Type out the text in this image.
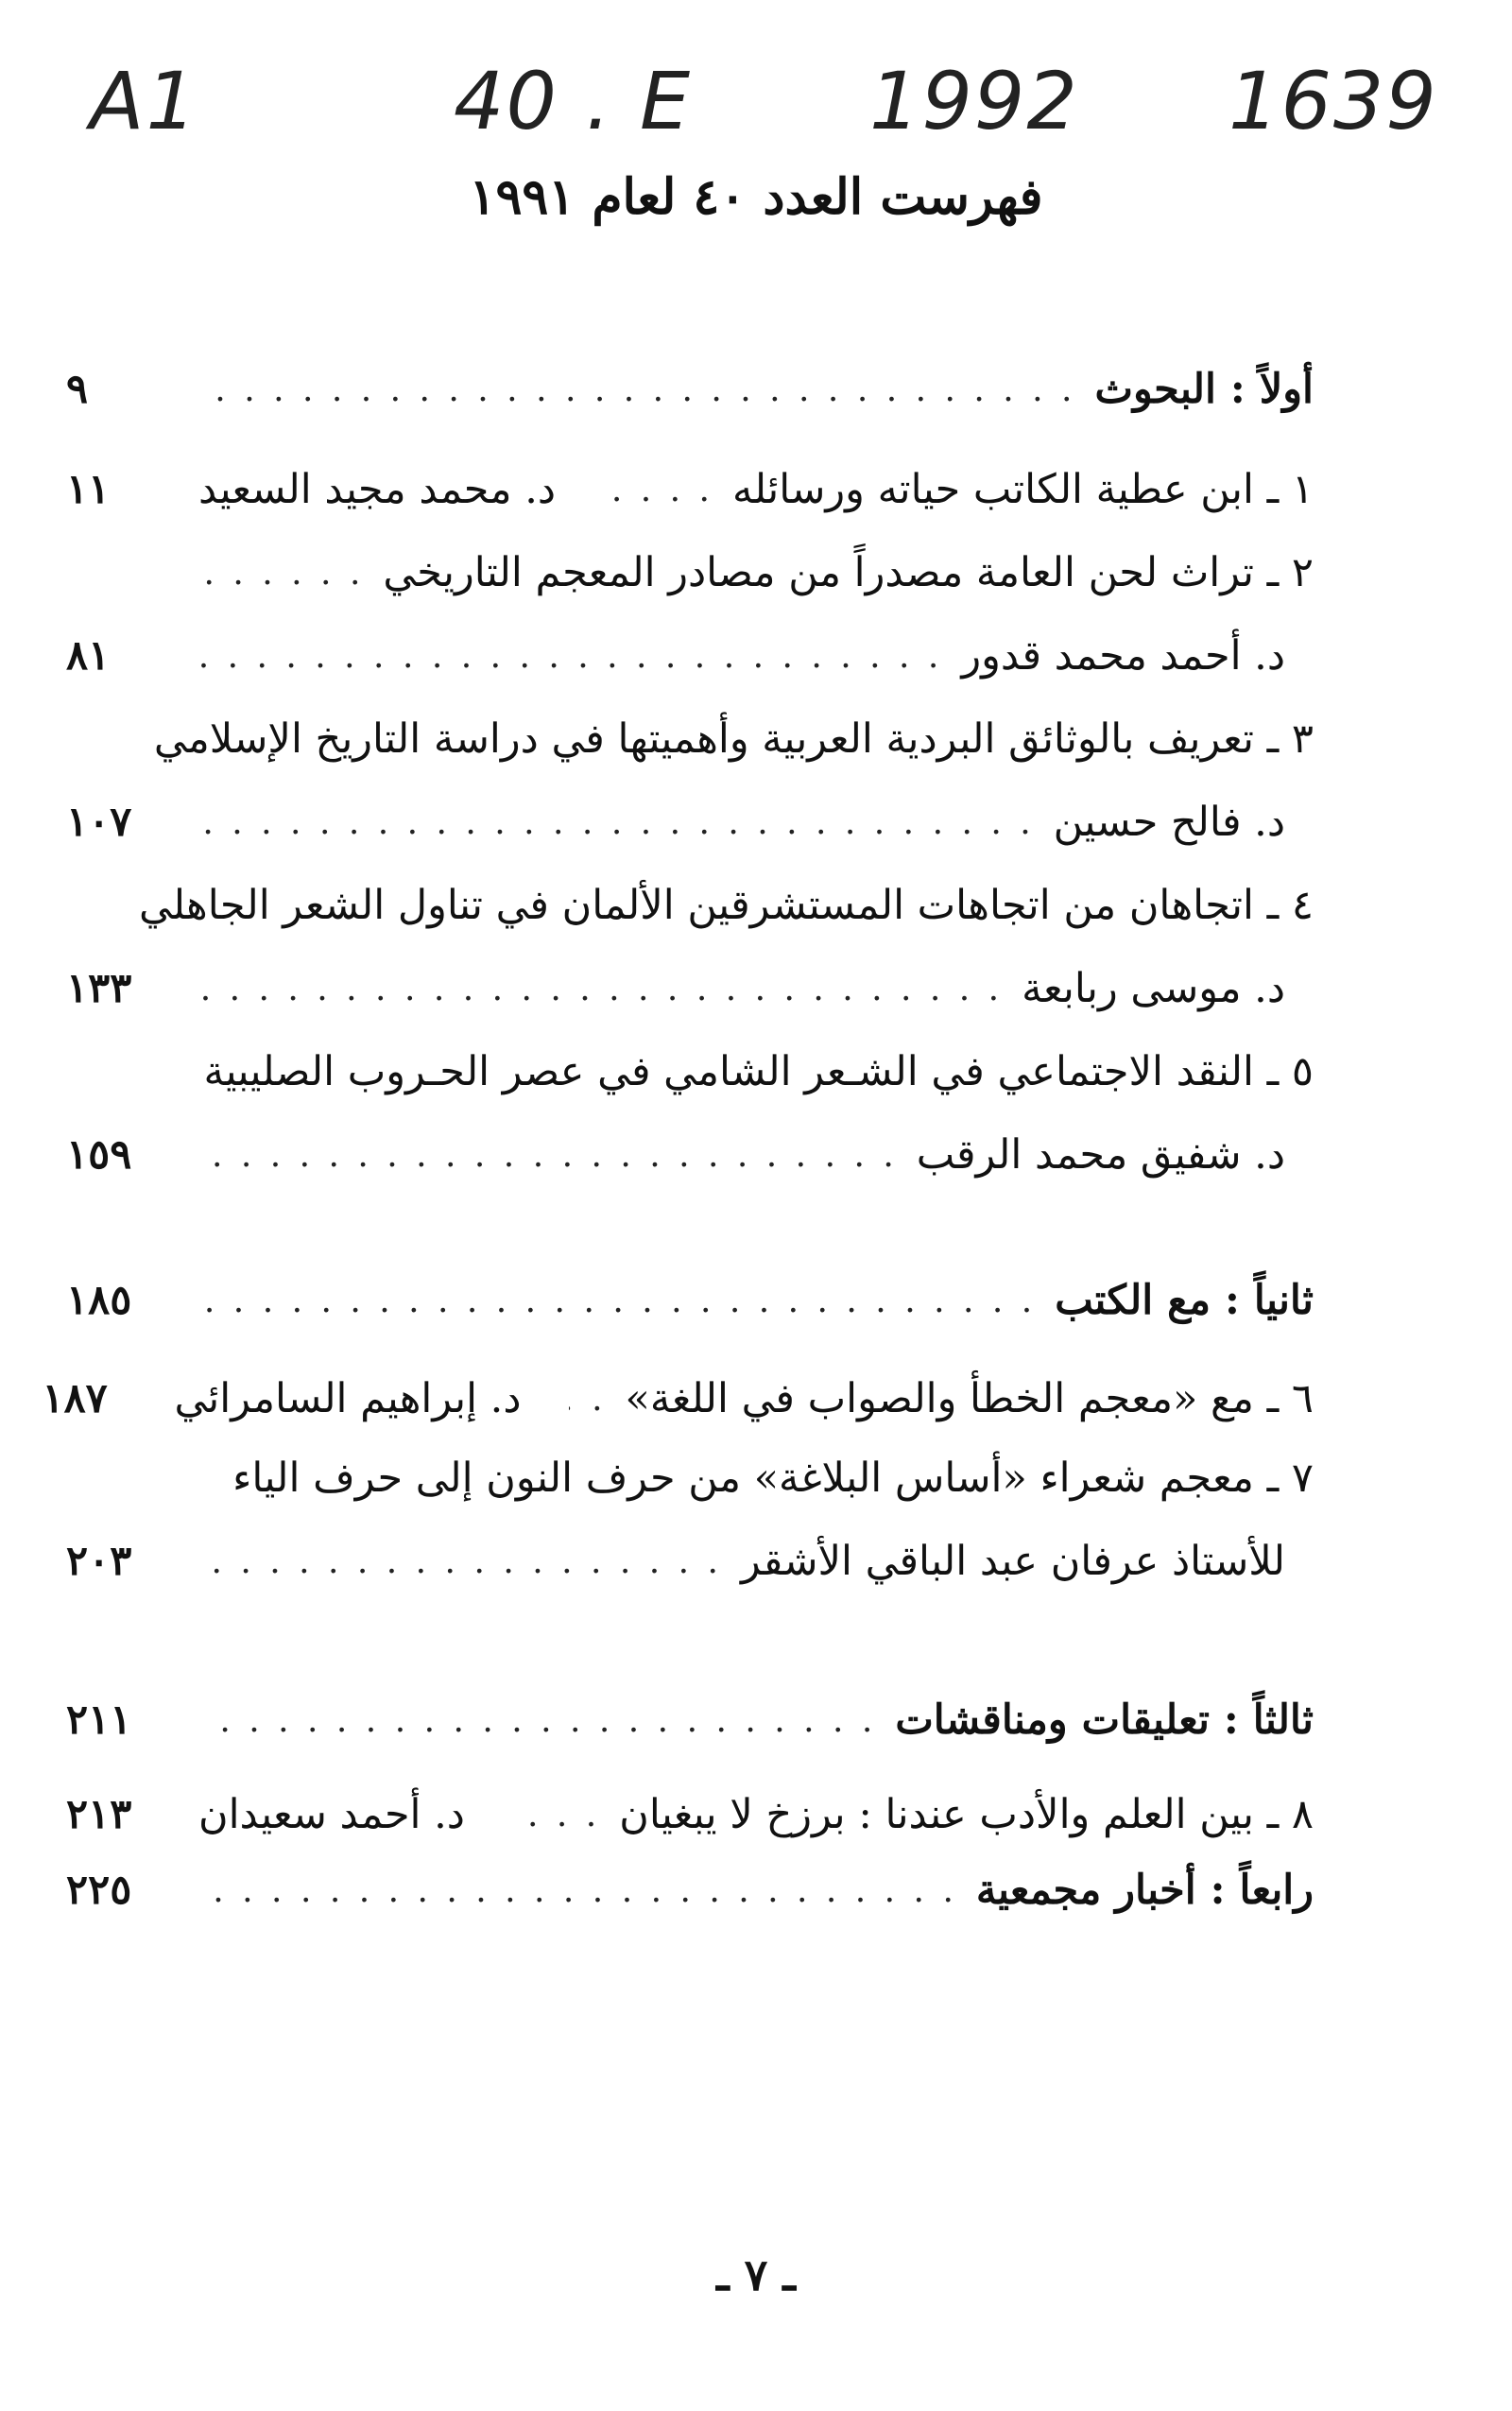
A1	40 . E 1992 1639
فهرست العدد ٤٠ لعام ١٩٩١
أولاً : البحوث
. . .
٩
١ ـ ابن عطية الكاتب حياته ورسائله
. . .
د. محمد مجيد السعيد
١١
٢ ـ تراث لحن العامة مصدراً من مصادر المعجم التاريخي
. . .
د. أحمد محمد قدور
. . .
٨١
٣ ـ تعريف بالوثائق البردية العربية وأهميتها في دراسة التاريخ الإسلامي
د. فالح حسين
. . .
١٠٧
٤ ـ اتجاهان من اتجاهات المستشرقين الألمان في تناول الشعر الجاهلي
د. موسى ربابعة
. . .
١٣٣
٥ ـ النقد الاجتماعي في الشـعر الشامي في عصر الحـروب الصليبية
د. شفيق محمد الرقب
. . .
١٥٩
ثانياً : مع الكتب
. . .
١٨٥
٦ ـ مع «معجم الخطأ والصواب في اللغة»
. . .
د. إبراهيم السامرائي
١٨٧
٧ ـ معجم شعراء «أساس البلاغة» من حرف النون إلى حرف الياء
للأستاذ عرفان عبد الباقي الأشقر
. . .
٢٠٣
ثالثاً : تعليقات ومناقشات
. . .
٢١١
٨ ـ بين العلم والأدب عندنا : برزخ لا يبغيان
. . .
د. أحمد سعيدان
٢١٣
رابعاً : أخبار مجمعية
. . .
٢٢٥
ـ ٧ ـ
